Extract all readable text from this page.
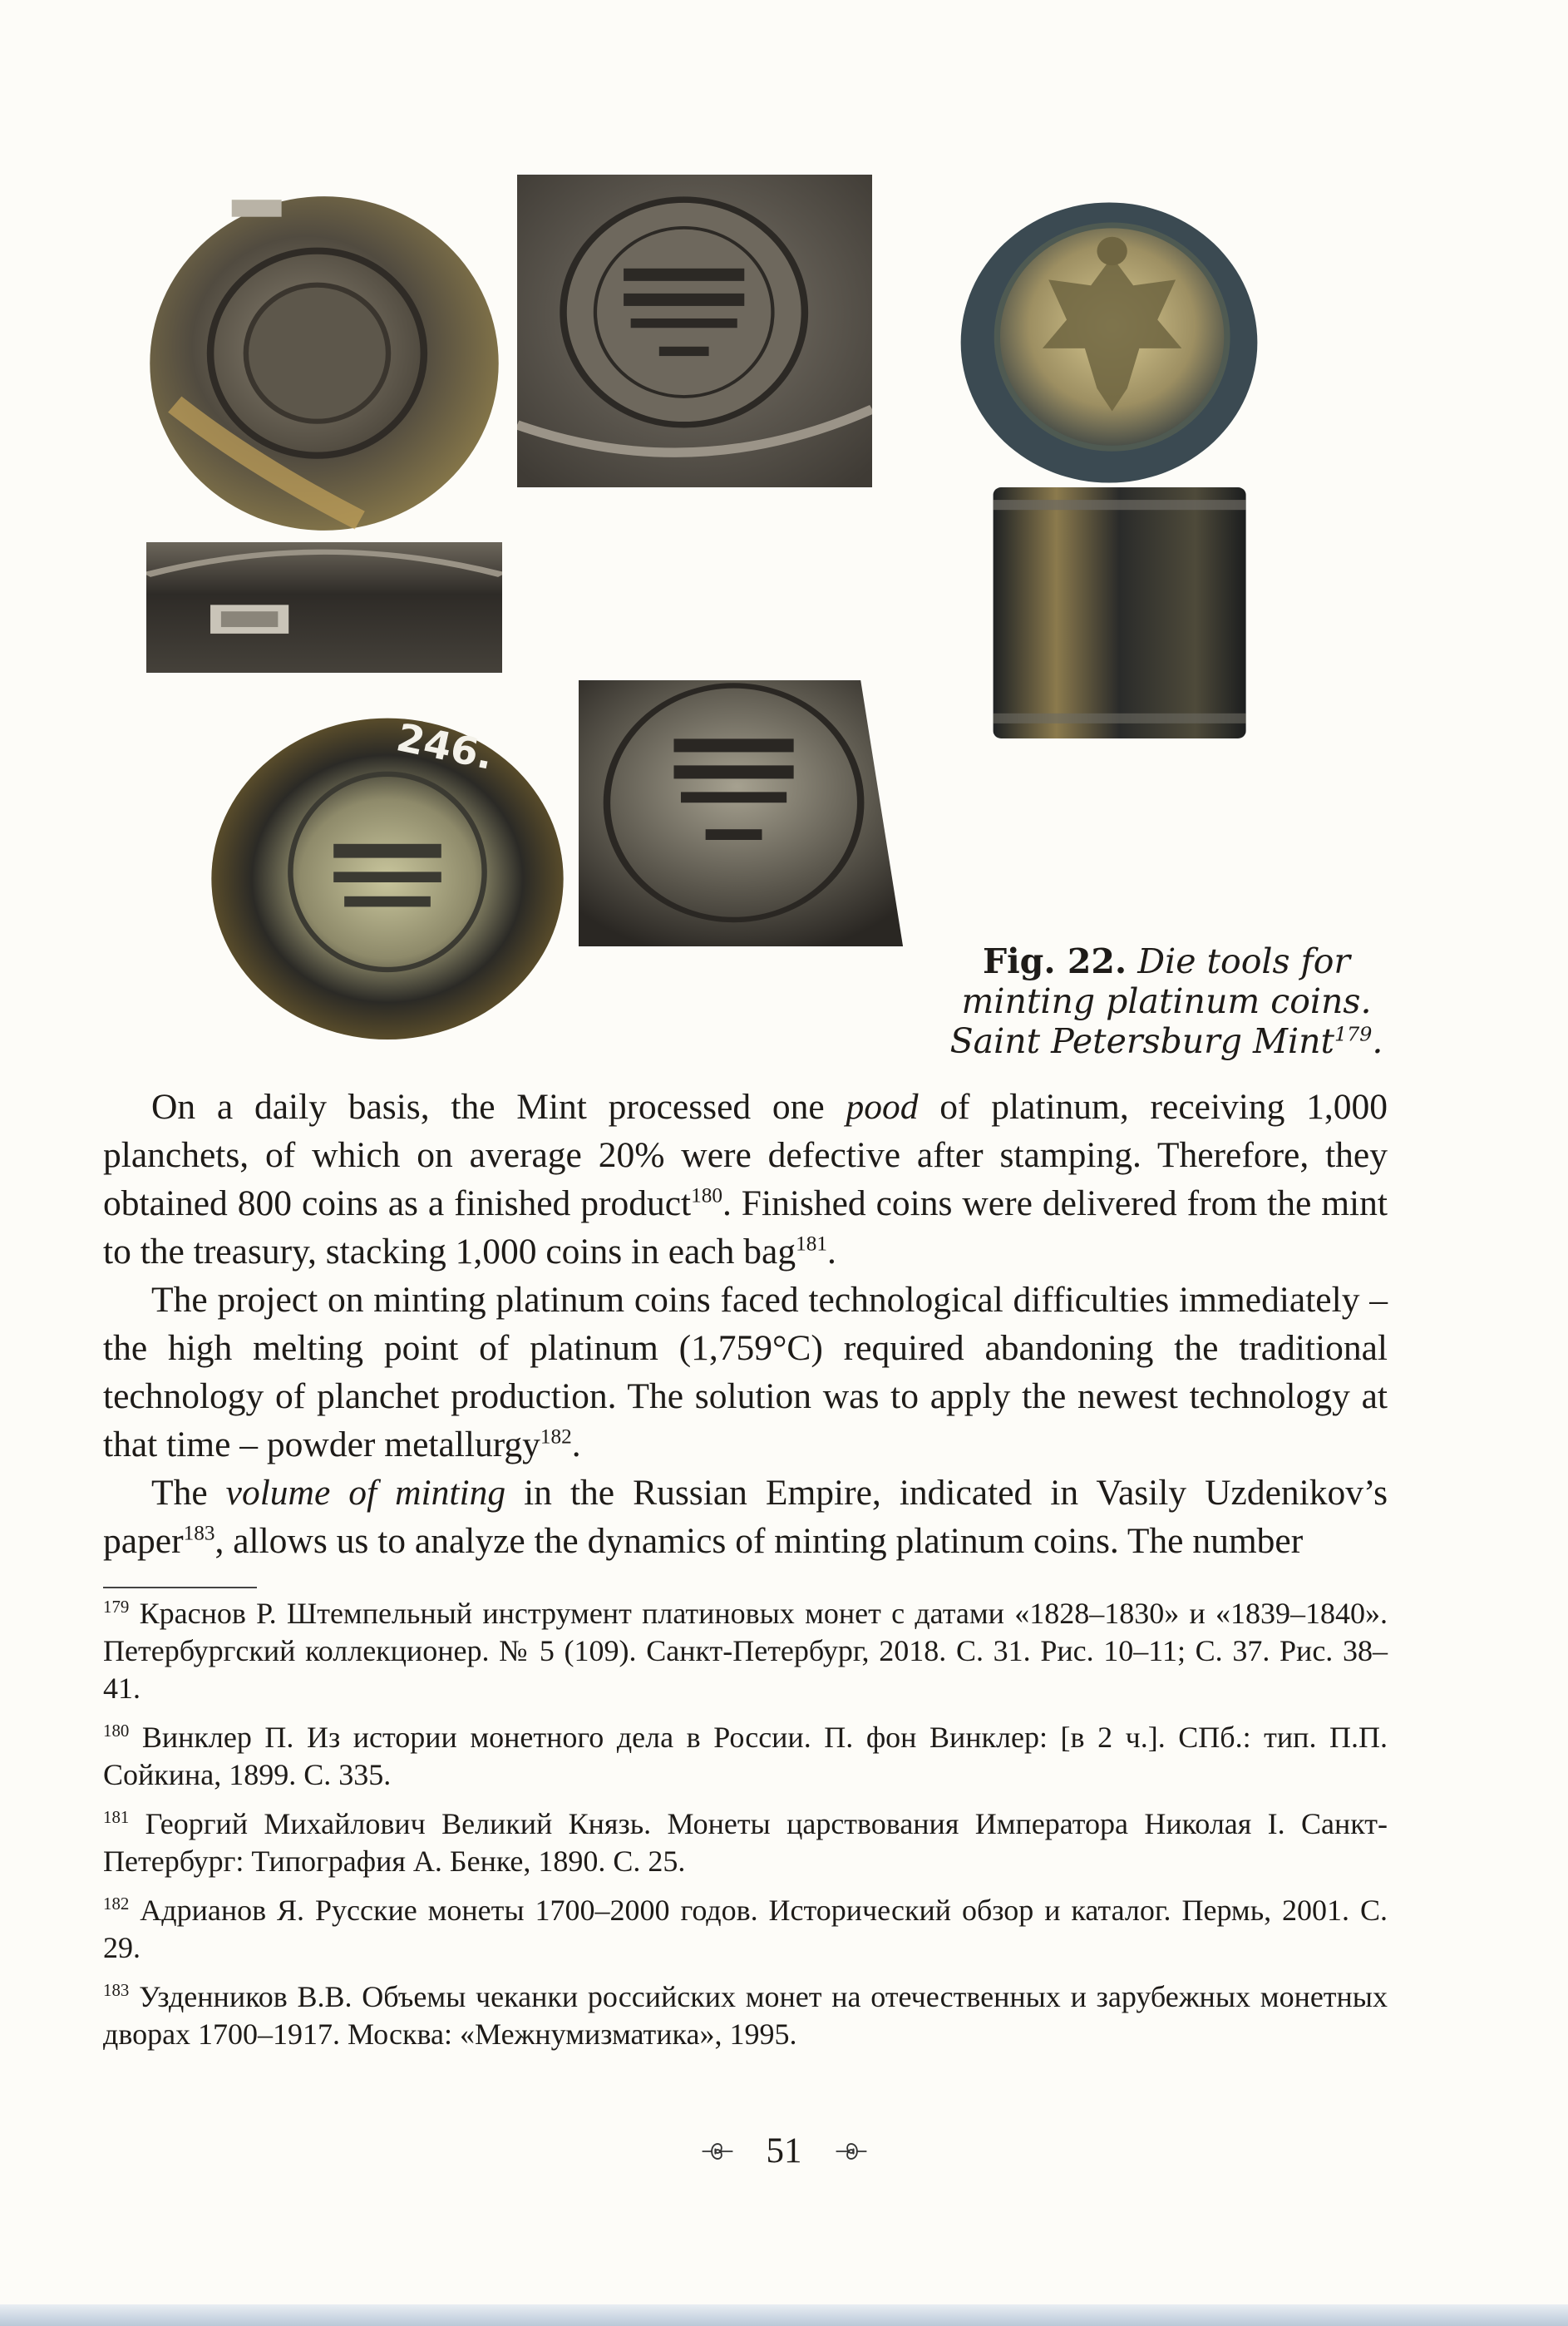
246.
Fig. 22. Die tools for minting platinum coins. Saint Petersburg Mint$^{179}$.

On a daily basis, the Mint processed one pood of platinum, receiving 1,000 planchets, of which on average 20% were defective after stamping. Therefore, they obtained 800 coins as a finished product$^{180}$. Finished coins were delivered from the mint to the treasury, stacking 1,000 coins in each bag$^{181}$.

The project on minting platinum coins faced technological difficulties immediately – the high melting point of platinum (1,759°C) required abandoning the traditional technology of planchet production. The solution was to apply the newest technology at that time – powder metallurgy$^{182}$.

The volume of minting in the Russian Empire, indicated in Vasily Uzdenikov’s paper$^{183}$, allows us to analyze the dynamics of minting platinum coins. The number

$^{179}$ Краснов Р. Штемпельный инструмент платиновых монет с датами «1828–1830» и «1839–1840». Петербургский коллекционер. № 5 (109). Санкт-Петербург, 2018. С. 31. Рис. 10–11; С. 37. Рис. 38–41.

$^{180}$ Винклер П. Из истории монетного дела в России. П. фон Винклер: [в 2 ч.]. СПб.: тип. П.П. Сойкина, 1899. С. 335.

$^{181}$ Георгий Михайлович Великий Князь. Монеты царствования Императора Николая I. Санкт-Петербург: Типография А. Бенке, 1890. С. 25.

$^{182}$ Адрианов Я. Русские монеты 1700–2000 годов. Исторический обзор и каталог. Пермь, 2001. С. 29.

$^{183}$ Узденников В.В. Объемы чеканки российских монет на отечественных и зарубежных монетных дворах 1700–1917. Москва: «Межнумизматика», 1995.

51
